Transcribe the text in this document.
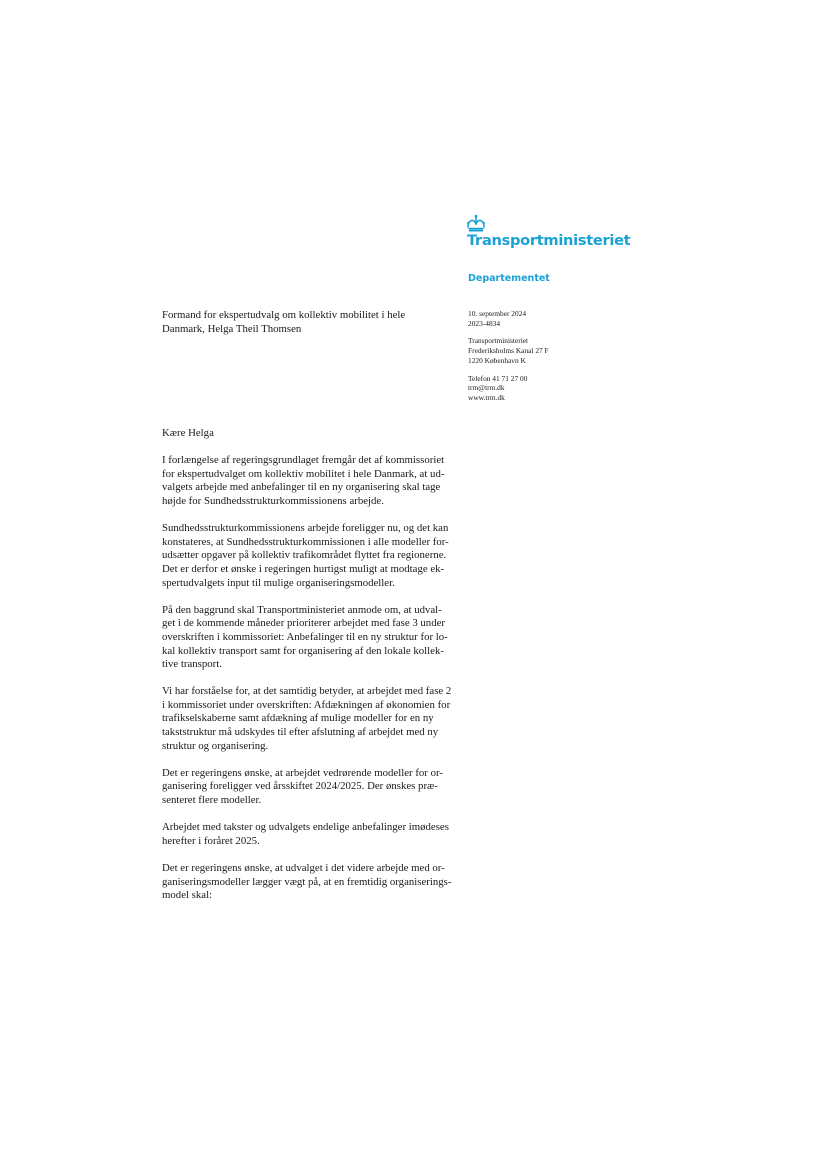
Transportministeriet
Departementet
Formand for ekspertudvalg om kollektiv mobilitet i hele
Danmark, Helga Theil Thomsen
10. september 2024
2023-4834
Transportministeriet
Frederiksholms Kanal 27 F
1220 København K
Telefon 41 71 27 00
trm@trm.dk
www.trm.dk

Kære Helga

I forlængelse af regeringsgrundlaget fremgår det af kommissoriet
for ekspertudvalget om kollektiv mobilitet i hele Danmark, at ud-
valgets arbejde med anbefalinger til en ny organisering skal tage
højde for Sundhedsstrukturkommissionens arbejde.

Sundhedsstrukturkommissionens arbejde foreligger nu, og det kan
konstateres, at Sundhedsstrukturkommissionen i alle modeller for-
udsætter opgaver på kollektiv trafikområdet flyttet fra regionerne.
Det er derfor et ønske i regeringen hurtigst muligt at modtage ek-
spertudvalgets input til mulige organiseringsmodeller.

På den baggrund skal Transportministeriet anmode om, at udval-
get i de kommende måneder prioriterer arbejdet med fase 3 under
overskriften i kommissoriet: Anbefalinger til en ny struktur for lo-
kal kollektiv transport samt for organisering af den lokale kollek-
tive transport.

Vi har forståelse for, at det samtidig betyder, at arbejdet med fase 2
i kommissoriet under overskriften: Afdækningen af økonomien for
trafikselskaberne samt afdækning af mulige modeller for en ny
takststruktur må udskydes til efter afslutning af arbejdet med ny
struktur og organisering.

Det er regeringens ønske, at arbejdet vedrørende modeller for or-
ganisering foreligger ved årsskiftet 2024/2025. Der ønskes præ-
senteret flere modeller.

Arbejdet med takster og udvalgets endelige anbefalinger imødeses
herefter i foråret 2025.

Det er regeringens ønske, at udvalget i det videre arbejde med or-
ganiseringsmodeller lægger vægt på, at en fremtidig organiserings-
model skal:
